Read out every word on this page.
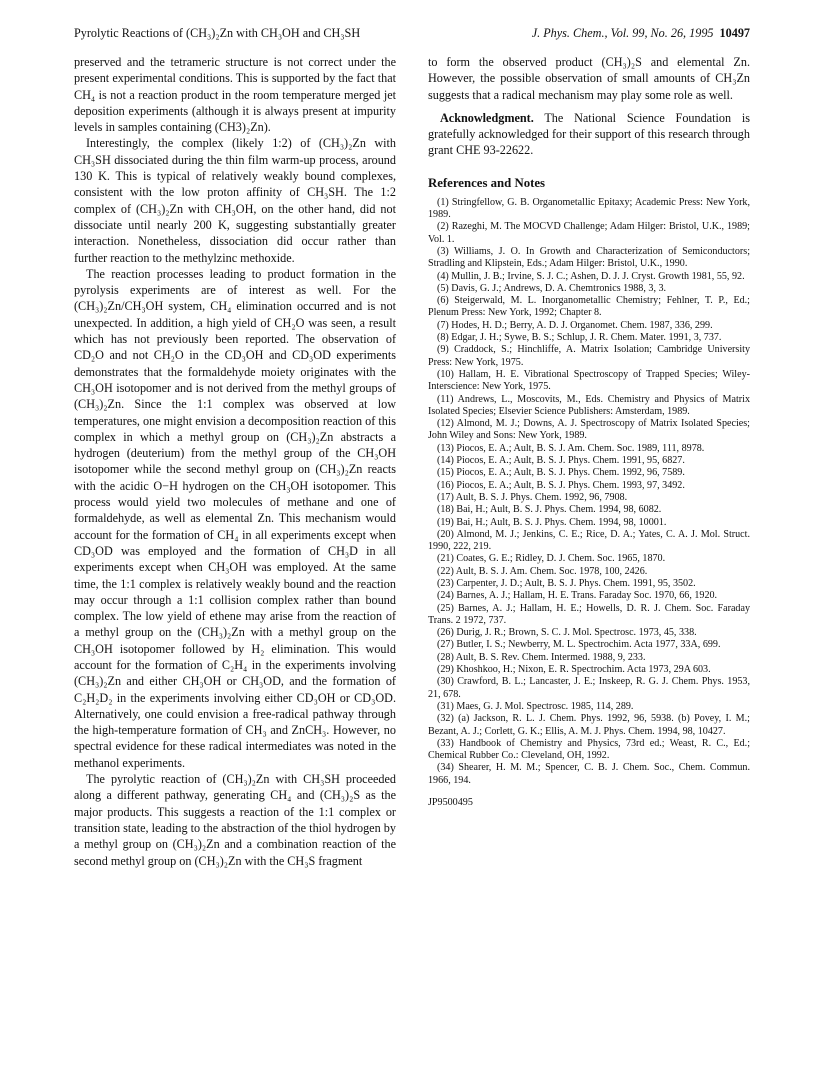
Pyrolytic Reactions of (CH₃)₂Zn with CH₃OH and CH₃SH	J. Phys. Chem., Vol. 99, No. 26, 1995 10497

preserved and the tetrameric structure is not correct under the present experimental conditions. This is supported by the fact that CH₄ is not a reaction product in the room temperature merged jet deposition experiments (although it is always present at impurity levels in samples containing (CH3)₂Zn).

Interestingly, the complex (likely 1:2) of (CH₃)₂Zn with CH₃SH dissociated during the thin film warm-up process, around 130 K. This is typical of relatively weakly bound complexes, consistent with the low proton affinity of CH₃SH. The 1:2 complex of (CH₃)₂Zn with CH₃OH, on the other hand, did not dissociate until nearly 200 K, suggesting substantially greater interaction. Nonetheless, dissociation did occur rather than further reaction to the methylzinc methoxide.

The reaction processes leading to product formation in the pyrolysis experiments are of interest as well. For the (CH₃)₂Zn/CH₃OH system, CH₄ elimination occurred and is not unexpected. In addition, a high yield of CH₂O was seen, a result which has not previously been reported. The observation of CD₂O and not CH₂O in the CD₃OH and CD₃OD experiments demonstrates that the formaldehyde moiety originates with the CH₃OH isotopomer and is not derived from the methyl groups of (CH₃)₂Zn. Since the 1:1 complex was observed at low temperatures, one might envision a decomposition reaction of this complex in which a methyl group on (CH₃)₂Zn abstracts a hydrogen (deuterium) from the methyl group of the CH₃OH isotopomer while the second methyl group on (CH₃)₂Zn reacts with the acidic O−H hydrogen on the CH₃OH isotopomer. This process would yield two molecules of methane and one of formaldehyde, as well as elemental Zn. This mechanism would account for the formation of CH₄ in all experiments except when CD₃OD was employed and the formation of CH₃D in all experiments except when CH₃OH was employed. At the same time, the 1:1 complex is relatively weakly bound and the reaction may occur through a 1:1 collision complex rather than bound complex. The low yield of ethene may arise from the reaction of a methyl group on the (CH₃)₂Zn with a methyl group on the CH₃OH isotopomer followed by H₂ elimination. This would account for the formation of C₂H₄ in the experiments involving (CH₃)₂Zn and either CH₃OH or CH₃OD, and the formation of C₂H₂D₂ in the experiments involving either CD₃OH or CD₃OD. Alternatively, one could envision a free-radical pathway through the high-temperature formation of CH₃ and ZnCH₃. However, no spectral evidence for these radical intermediates was noted in the methanol experiments.

The pyrolytic reaction of (CH₃)₂Zn with CH₃SH proceeded along a different pathway, generating CH₄ and (CH₃)₂S as the major products. This suggests a reaction of the 1:1 complex or transition state, leading to the abstraction of the thiol hydrogen by a methyl group on (CH₃)₂Zn and a combination reaction of the second methyl group on (CH₃)₂Zn with the CH₃S fragment

to form the observed product (CH₃)₂S and elemental Zn. However, the possible observation of small amounts of CH₃Zn suggests that a radical mechanism may play some role as well.

Acknowledgment. The National Science Foundation is gratefully acknowledged for their support of this research through grant CHE 93-22622.

References and Notes

(1) Stringfellow, G. B. Organometallic Epitaxy; Academic Press: New York, 1989.

(2) Razeghi, M. The MOCVD Challenge; Adam Hilger: Bristol, U.K., 1989; Vol. 1.

(3) Williams, J. O. In Growth and Characterization of Semiconductors; Stradling and Klipstein, Eds.; Adam Hilger: Bristol, U.K., 1990.

(4) Mullin, J. B.; Irvine, S. J. C.; Ashen, D. J. J. Cryst. Growth 1981, 55, 92.

(5) Davis, G. J.; Andrews, D. A. Chemtronics 1988, 3, 3.

(6) Steigerwald, M. L. Inorganometallic Chemistry; Fehlner, T. P., Ed.; Plenum Press: New York, 1992; Chapter 8.

(7) Hodes, H. D.; Berry, A. D. J. Organomet. Chem. 1987, 336, 299.

(8) Edgar, J. H.; Sywe, B. S.; Schlup, J. R. Chem. Mater. 1991, 3, 737.

(9) Craddock, S.; Hinchliffe, A. Matrix Isolation; Cambridge University Press: New York, 1975.

(10) Hallam, H. E. Vibrational Spectroscopy of Trapped Species; Wiley-Interscience: New York, 1975.

(11) Andrews, L., Moscovits, M., Eds. Chemistry and Physics of Matrix Isolated Species; Elsevier Science Publishers: Amsterdam, 1989.

(12) Almond, M. J.; Downs, A. J. Spectroscopy of Matrix Isolated Species; John Wiley and Sons: New York, 1989.

(13) Piocos, E. A.; Ault, B. S. J. Am. Chem. Soc. 1989, 111, 8978.

(14) Piocos, E. A.; Ault, B. S. J. Phys. Chem. 1991, 95, 6827.

(15) Piocos, E. A.; Ault, B. S. J. Phys. Chem. 1992, 96, 7589.

(16) Piocos, E. A.; Ault, B. S. J. Phys. Chem. 1993, 97, 3492.

(17) Ault, B. S. J. Phys. Chem. 1992, 96, 7908.

(18) Bai, H.; Ault, B. S. J. Phys. Chem. 1994, 98, 6082.

(19) Bai, H.; Ault, B. S. J. Phys. Chem. 1994, 98, 10001.

(20) Almond, M. J.; Jenkins, C. E.; Rice, D. A.; Yates, C. A. J. Mol. Struct. 1990, 222, 219.

(21) Coates, G. E.; Ridley, D. J. Chem. Soc. 1965, 1870.

(22) Ault, B. S. J. Am. Chem. Soc. 1978, 100, 2426.

(23) Carpenter, J. D.; Ault, B. S. J. Phys. Chem. 1991, 95, 3502.

(24) Barnes, A. J.; Hallam, H. E. Trans. Faraday Soc. 1970, 66, 1920.

(25) Barnes, A. J.; Hallam, H. E.; Howells, D. R. J. Chem. Soc. Faraday Trans. 2 1972, 737.

(26) Durig, J. R.; Brown, S. C. J. Mol. Spectrosc. 1973, 45, 338.

(27) Butler, I. S.; Newberry, M. L. Spectrochim. Acta 1977, 33A, 699.

(28) Ault, B. S. Rev. Chem. Intermed. 1988, 9, 233.

(29) Khoshkoo, H.; Nixon, E. R. Spectrochim. Acta 1973, 29A 603.

(30) Crawford, B. L.; Lancaster, J. E.; Inskeep, R. G. J. Chem. Phys. 1953, 21, 678.

(31) Maes, G. J. Mol. Spectrosc. 1985, 114, 289.

(32) (a) Jackson, R. L. J. Chem. Phys. 1992, 96, 5938. (b) Povey, I. M.; Bezant, A. J.; Corlett, G. K.; Ellis, A. M. J. Phys. Chem. 1994, 98, 10427.

(33) Handbook of Chemistry and Physics, 73rd ed.; Weast, R. C., Ed.; Chemical Rubber Co.: Cleveland, OH, 1992.

(34) Shearer, H. M. M.; Spencer, C. B. J. Chem. Soc., Chem. Commun. 1966, 194.

JP9500495
